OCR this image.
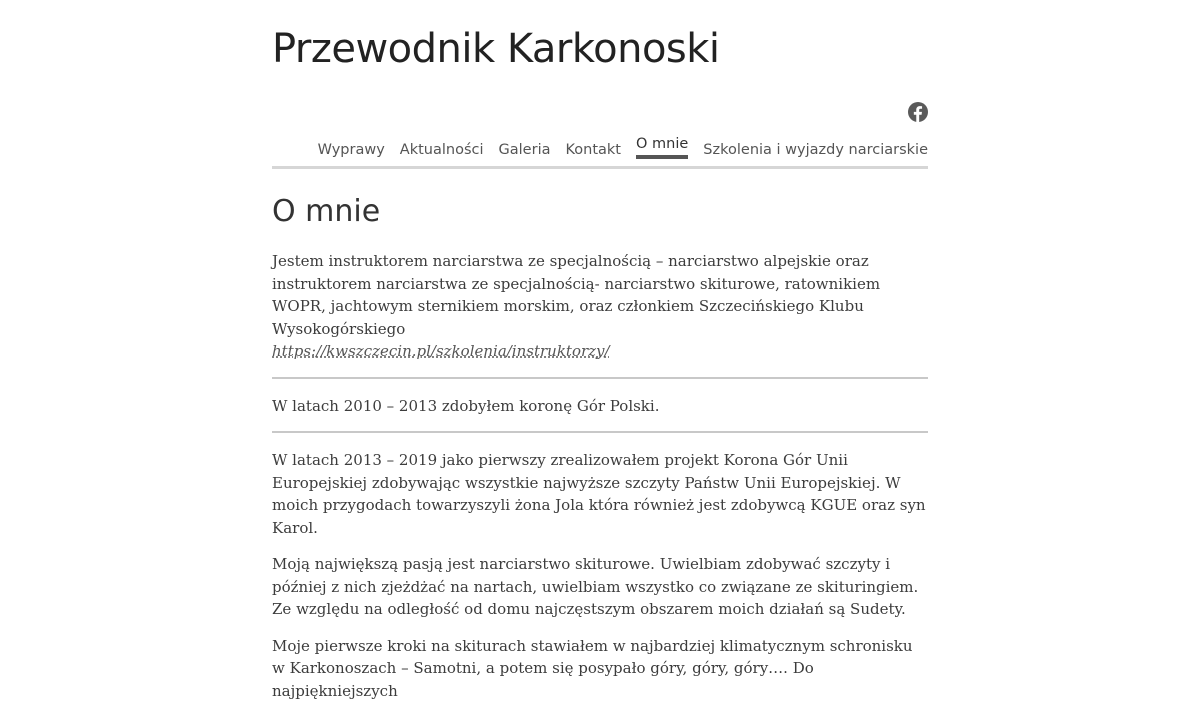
Przewodnik Karkonoski
Wyprawy Aktualności Galeria Kontakt O mnie Szkolenia i wyjazdy narciarskie
O mnie

Jestem instruktorem narciarstwa ze specjalnością – narciarstwo alpejskie oraz instruktorem narciarstwa ze specjalnością- narciarstwo skiturowe, ratownikiem WOPR, jachtowym sternikiem morskim, oraz członkiem Szczecińskiego Klubu Wysokogórskiego
https://kwszczecin.pl/szkolenia/instruktorzy/

W latach 2010 – 2013 zdobyłem koronę Gór Polski.

W latach 2013 – 2019 jako pierwszy zrealizowałem projekt Korona Gór Unii Europejskiej zdobywając wszystkie najwyższe szczyty Państw Unii Europejskiej. W moich przygodach towarzyszyli żona Jola która również jest zdobywcą KGUE oraz syn Karol.

Moją największą pasją jest narciarstwo skiturowe. Uwielbiam zdobywać szczyty i później z nich zjeżdżać na nartach, uwielbiam wszystko co związane ze skituringiem. Ze względu na odległość od domu najczęstszym obszarem moich działań są Sudety.

Moje pierwsze kroki na skiturach stawiałem w najbardziej klimatycznym schronisku w Karkonoszach – Samotni, a potem się posypało góry, góry, góry…. Do najpiękniejszych
